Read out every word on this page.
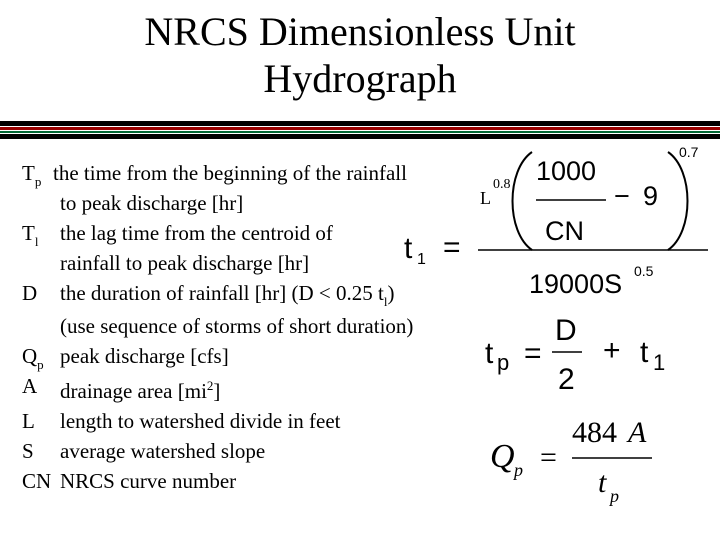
NRCS Dimensionless Unit
Hydrograph
$T_p$ the time from the beginning of the rainfall
to peak discharge [hr]
$T_l$	the lag time from the centroid of
rainfall to peak discharge [hr]
D	the duration of rainfall [hr] (D < 0.25 $t_l$)
(use sequence of storms of short duration)
$Q_p$ peak discharge [cfs]
A	drainage area $[mi^2]$
L	length to watershed divide in feet
S	average watershed slope
CN NRCS curve number
t 1 =
L
0.8 1000
CN
− 9
0.7
19000S 0.5
t p =
D
2
+ t 1
Q p =
484 A
t p
